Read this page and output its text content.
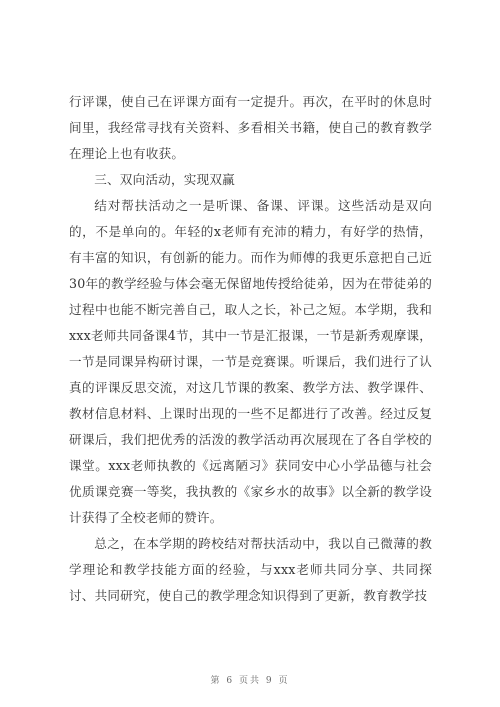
行评课，使自己在评课方面有一定提升。再次，在平时的休息时间里，我经常寻找有关资料、多看相关书籍，使自己的教育教学在理论上也有收获。

三、双向活动，实现双赢

结对帮扶活动之一是听课、备课、评课。这些活动是双向的，不是单向的。年轻的x老师有充沛的精力，有好学的热情，有丰富的知识，有创新的能力。而作为师傅的我更乐意把自己近30年的教学经验与体会毫无保留地传授给徒弟，因为在带徒弟的过程中也能不断完善自己，取人之长，补己之短。本学期，我和xxx老师共同备课4节，其中一节是汇报课，一节是新秀观摩课，一节是同课异构研讨课，一节是竞赛课。听课后，我们进行了认真的评课反思交流，对这几节课的教案、教学方法、教学课件、教材信息材料、上课时出现的一些不足都进行了改善。经过反复研课后，我们把优秀的活泼的教学活动再次展现在了各自学校的课堂。xxx老师执教的《远离陋习》获同安中心小学品德与社会优质课竞赛一等奖，我执教的《家乡水的故事》以全新的教学设计获得了全校老师的赞许。

总之，在本学期的跨校结对帮扶活动中，我以自己微薄的教学理论和教学技能方面的经验，与xxx老师共同分享、共同探讨、共同研究，使自己的教学理念知识得到了更新，教育教学技

第 6 页共 9 页
